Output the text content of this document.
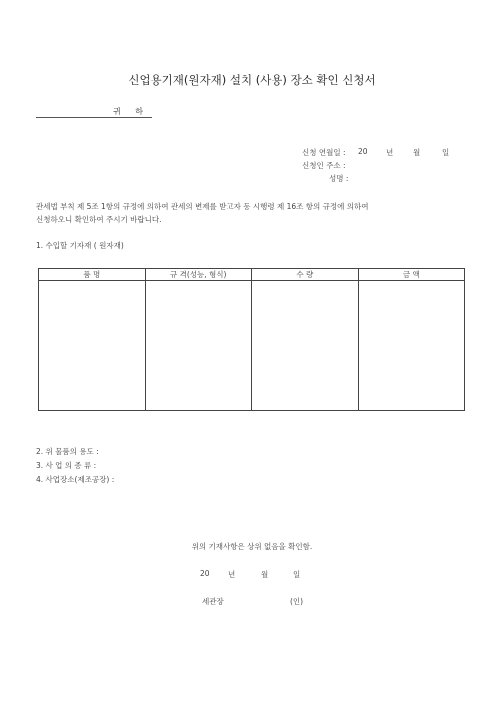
신업용기재(원자재) 설치 (사용) 장소 확인 신청서
귀 하
신청 연월일 : 20 년	월	일
신청인 주소 :
성명 :
관세법 부칙 제 5조 1항의 규정에 의하여 관세의 변제를 받고자 동 시행령 제 16조 항의 규정에 의하여
신청하오니 확인하여 주시기 바랍니다.
1. 수입할 기자재 ( 원자재)
품 명	규 격(성능, 형식)	수 량	금 액

2. 위 물품의 용도 :
3. 사 업 의 종 류 :
4. 사업장소(제조공장) :
위의 기재사항은 상위 없음을 확인함.
20 년	월	일
세관장	(인)
